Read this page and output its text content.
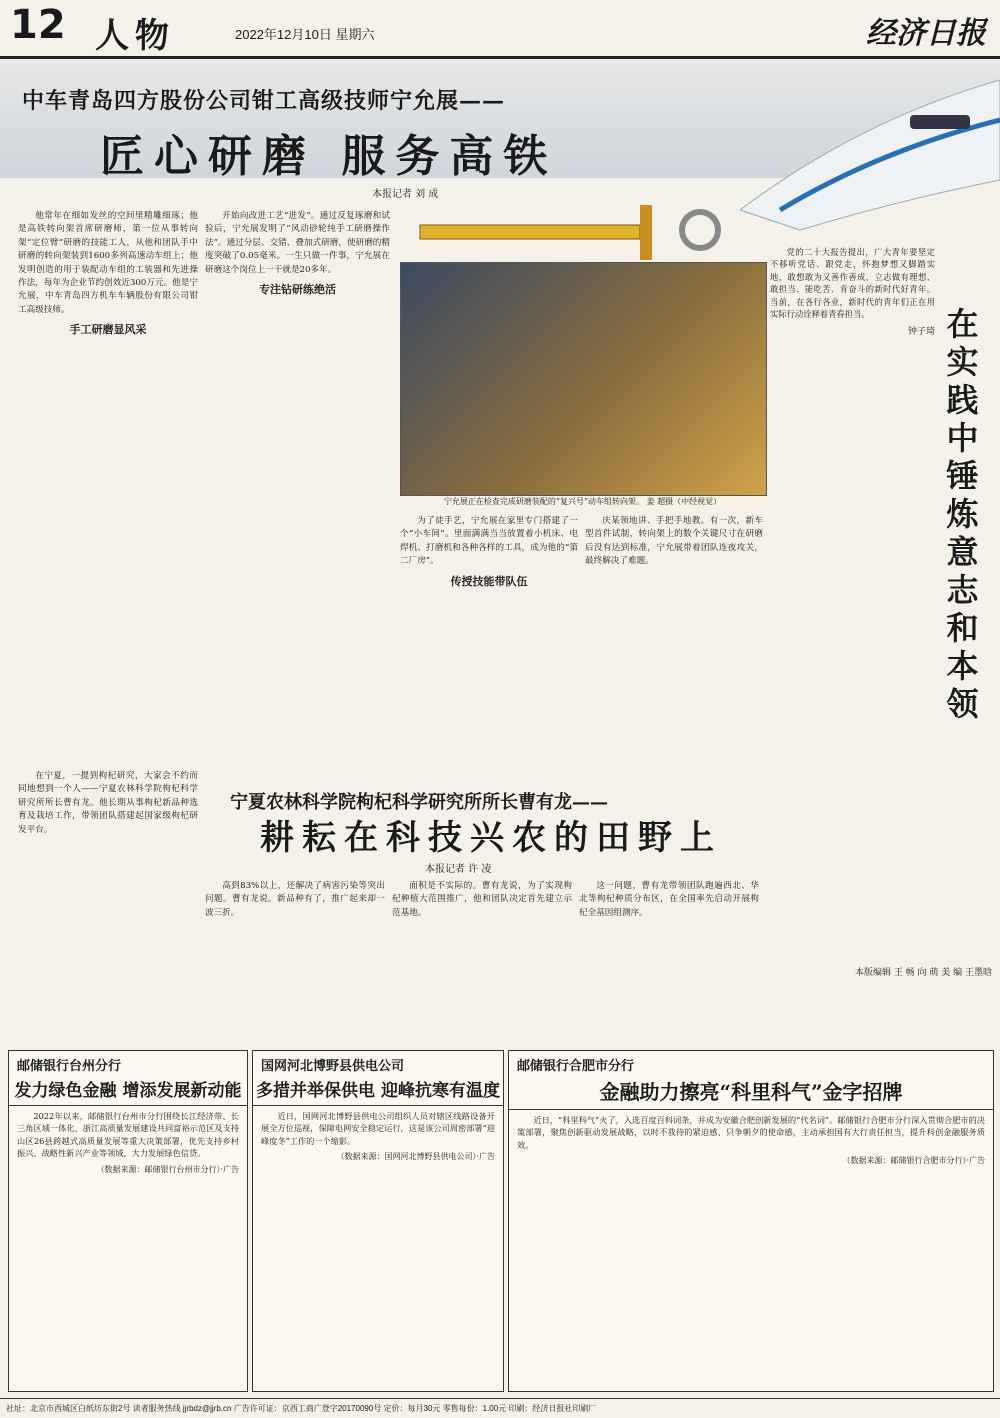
12 人物	2022年12月10日 星期六	经济日报
中车青岛四方股份公司钳工高级技师宁允展——
匠心研磨 服务高铁
本报记者 刘 成

他常年在细如发丝的空间里精雕细琢；他是高铁转向架首席研磨师，第一位从事转向架“定位臂”研磨的技能工人，从他和团队手中研磨的转向架装到1600多列高速动车组上；他发明创造的用于装配动车组的工装器和先进操作法，每年为企业节约创效近300万元。他是宁允展，中车青岛四方机车车辆股份有限公司钳工高级技师。

手工研磨显风采

开始向改进工艺“进发”。通过反复琢磨和试验后，宁允展发明了“风动砂轮纯手工研磨操作法”。通过分层、交错、叠加式研磨，使研磨的精度突破了0.05毫米。一生只做一件事，宁允展在研磨这个岗位上一干就是20多年。

专注钻研练绝活
宁允展正在检查完成研磨装配的“复兴号”动车组转向架。 姜 超摄（中经视觉）

为了徒手艺，宁允展在家里专门搭建了一个“小车间”。里面满满当当放置着小机床、电焊机、打磨机和各种各样的工具，成为他的“第二厂房”。

传授技能带队伍

庆某领地讲、手把手地教。有一次，新车型首件试制，转向架上的数个关键尺寸在研磨后没有达到标准，宁允展带着团队连夜攻关，最终解决了难题。

在实践中锤炼意志和本领

党的二十大报告提出，广大青年要坚定不移听党话、跟党走，怀抱梦想又脚踏实地，敢想敢为又善作善成，立志做有理想、敢担当、能吃苦、肯奋斗的新时代好青年。当前，在各行各业，新时代的青年们正在用实际行动诠释着青春担当。

钟子琦
宁夏农林科学院枸杞科学研究所所长曹有龙——
耕耘在科技兴农的田野上
本报记者 许 凌

在宁夏，一提到枸杞研究，大家会不约而同地想到一个人——宁夏农林科学院枸杞科学研究所所长曹有龙。他长期从事枸杞新品种选育及栽培工作，带领团队搭建起国家级枸杞研发平台。

高到83%以上，还解决了病害污染等突出问题。曹有龙说。新品种有了，推广起来却一波三折。

面积是不实际的。曹有龙说，为了实现枸杞种植大范围推广，他和团队决定首先建立示范基地。

这一问题，曹有龙带领团队跑遍西北、华北等枸杞种质分布区，在全国率先启动开展枸杞全基因组测序。

本版编辑 王 畅 向 萌 美 编 王墨晗
邮储银行台州分行
发力绿色金融 增添发展新动能

2022年以来，邮储银行台州市分行围绕长江经济带、长三角区域一体化、浙江高质量发展建设共同富裕示范区及支持山区26县跨越式高质量发展等重大决策部署，优先支持乡村振兴、战略性新兴产业等领域，大力发展绿色信贷。

（数据来源：邮储银行台州市分行）·广告
国网河北博野县供电公司
多措并举保供电 迎峰抗寒有温度

近日，国网河北博野县供电公司组织人员对辖区线路设备开展全方位巡视，保障电网安全稳定运行，这是该公司周密部署“迎峰度冬”工作的一个缩影。

（数据来源：国网河北博野县供电公司）·广告
邮储银行合肥市分行
金融助力擦亮“科里科气”金字招牌

近日，“科里科气”火了，入选百度百科词条，并成为安徽合肥创新发展的“代名词”。邮储银行合肥市分行深入贯彻合肥市的决策部署，聚焦创新驱动发展战略，以时不我待的紧迫感、只争朝夕的使命感，主动承担国有大行责任担当，提升科创金融服务质效。

（数据来源：邮储银行合肥市分行）·广告
社址：北京市西城区白纸坊东街2号 读者服务热线 jjrbdz@jjrb.cn 广告许可证：京西工商广登字20170090号 定价：每月30元 零售每份：1.00元 印刷：经济日报社印刷厂
